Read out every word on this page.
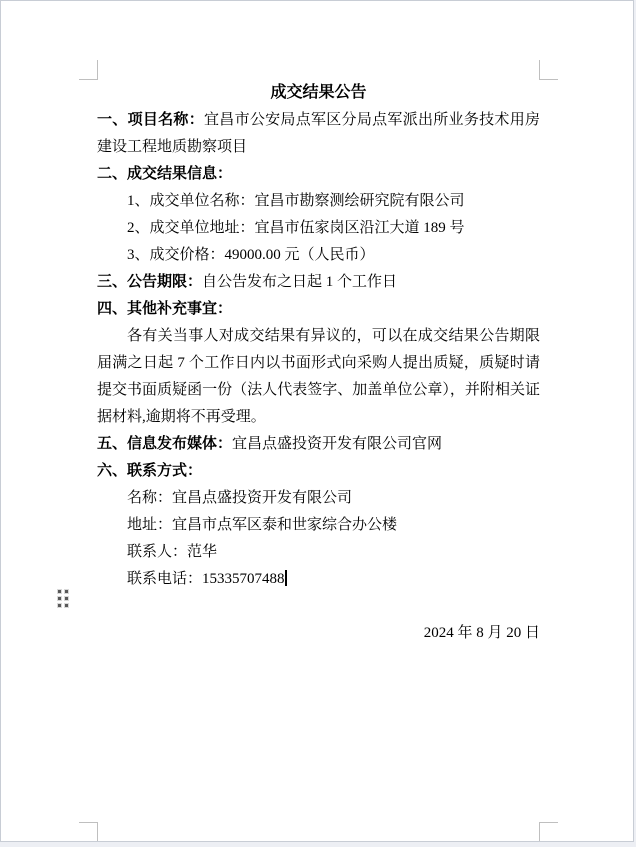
成交结果公告

一、项目名称：宜昌市公安局点军区分局点军派出所业务技术用房建设工程地质勘察项目

二、成交结果信息：

1、成交单位名称：宜昌市勘察测绘研究院有限公司

2、成交单位地址：宜昌市伍家岗区沿江大道 189 号

3、成交价格：49000.00 元（人民币）

三、公告期限：自公告发布之日起 1 个工作日

四、其他补充事宜：

各有关当事人对成交结果有异议的，可以在成交结果公告期限届满之日起 7 个工作日内以书面形式向采购人提出质疑，质疑时请提交书面质疑函一份（法人代表签字、加盖单位公章），并附相关证据材料,逾期将不再受理。

五、信息发布媒体：宜昌点盛投资开发有限公司官网

六、联系方式：

名称：宜昌点盛投资开发有限公司

地址：宜昌市点军区泰和世家综合办公楼

联系人：范华

联系电话：15335707488

2024 年 8 月 20 日
